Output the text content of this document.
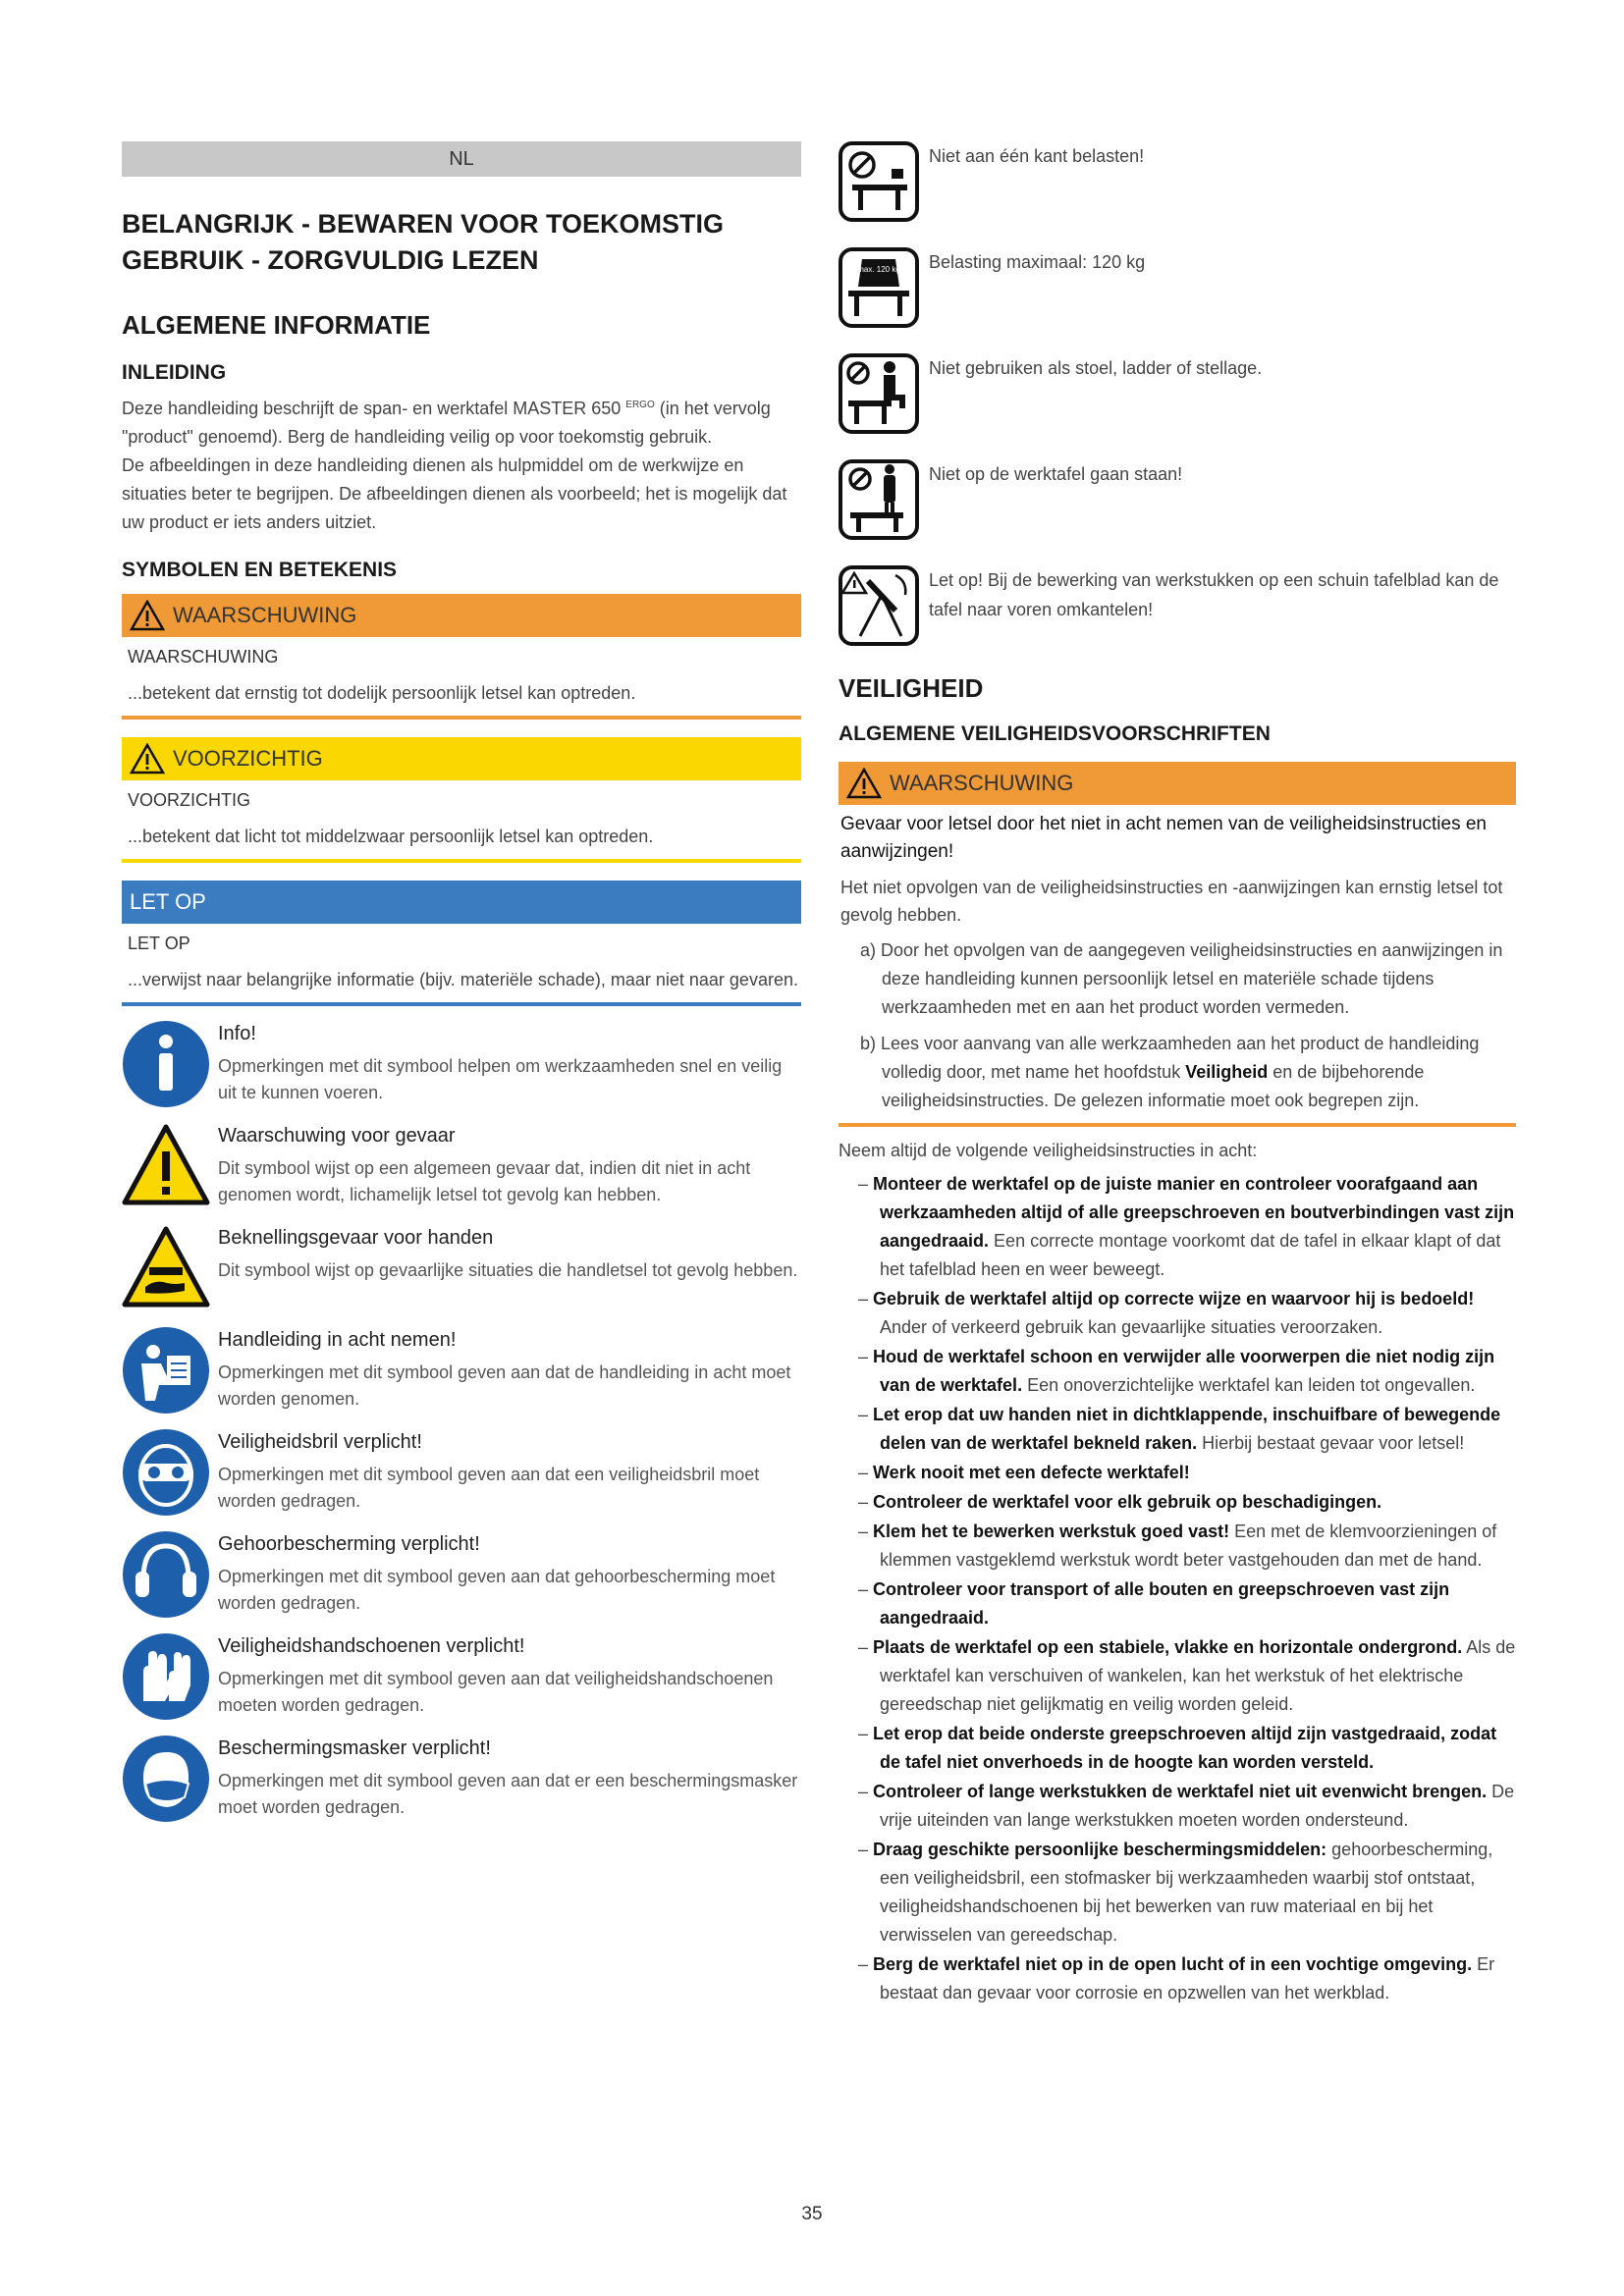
NL
BELANGRIJK - BEWAREN VOOR TOEKOMSTIG GEBRUIK - ZORGVULDIG LEZEN
ALGEMENE INFORMATIE
INLEIDING

Deze handleiding beschrijft de span- en werktafel MASTER 650 $^{ERGO}$ (in het vervolg "product" genoemd). Berg de handleiding veilig op voor toekomstig gebruik.

De afbeeldingen in deze handleiding dienen als hulpmiddel om de werkwijze en situaties beter te begrijpen. De afbeeldingen dienen als voorbeeld; het is mogelijk dat uw product er iets anders uitziet.

SYMBOLEN EN BETEKENIS
WAARSCHUWING
WAARSCHUWING
...betekent dat ernstig tot dodelijk persoonlijk letsel kan optreden.
VOORZICHTIG
VOORZICHTIG
...betekent dat licht tot middelzwaar persoonlijk letsel kan optreden.
LET OP
LET OP
...verwijst naar belangrijke informatie (bijv. materiële schade), maar niet naar gevaren.
Info!
Opmerkingen met dit symbool helpen om werkzaamheden snel en veilig uit te kunnen voeren.
Waarschuwing voor gevaar
Dit symbool wijst op een algemeen gevaar dat, indien dit niet in acht genomen wordt, lichamelijk letsel tot gevolg kan hebben.
Beknellingsgevaar voor handen
Dit symbool wijst op gevaarlijke situaties die handletsel tot gevolg hebben.
Handleiding in acht nemen!
Opmerkingen met dit symbool geven aan dat de handleiding in acht moet worden genomen.
Veiligheidsbril verplicht!
Opmerkingen met dit symbool geven aan dat een veiligheidsbril moet worden gedragen.
Gehoorbescherming verplicht!
Opmerkingen met dit symbool geven aan dat gehoorbescherming moet worden gedragen.
Veiligheidshandschoenen verplicht!
Opmerkingen met dit symbool geven aan dat veiligheidshandschoenen moeten worden gedragen.
Beschermingsmasker verplicht!
Opmerkingen met dit symbool geven aan dat er een beschermingsmasker moet worden gedragen.
Niet aan één kant belasten!
max. 120 kg Belasting maximaal: 120 kg
Niet gebruiken als stoel, ladder of stellage.
Niet op de werktafel gaan staan!
Let op! Bij de bewerking van werkstukken op een schuin tafelblad kan de tafel naar voren omkantelen!
VEILIGHEID
ALGEMENE VEILIGHEIDSVOORSCHRIFTEN
WAARSCHUWING
Gevaar voor letsel door het niet in acht nemen van de veiligheidsinstructies en aanwijzingen!
Het niet opvolgen van de veiligheidsinstructies en -aanwijzingen kan ernstig letsel tot gevolg hebben.
a) Door het opvolgen van de aangegeven veiligheidsinstructies en aanwijzingen in deze handleiding kunnen persoonlijk letsel en materiële schade tijdens werkzaamheden met en aan het product worden vermeden.
b) Lees voor aanvang van alle werkzaamheden aan het product de handleiding volledig door, met name het hoofdstuk Veiligheid en de bijbehorende veiligheidsinstructies. De gelezen informatie moet ook begrepen zijn.
Neem altijd de volgende veiligheidsinstructies in acht:
– Monteer de werktafel op de juiste manier en controleer voorafgaand aan werkzaamheden altijd of alle greepschroeven en boutverbindingen vast zijn aangedraaid. Een correcte montage voorkomt dat de tafel in elkaar klapt of dat het tafelblad heen en weer beweegt.
– Gebruik de werktafel altijd op correcte wijze en waarvoor hij is bedoeld! Ander of verkeerd gebruik kan gevaarlijke situaties veroorzaken.
– Houd de werktafel schoon en verwijder alle voorwerpen die niet nodig zijn van de werktafel. Een onoverzichtelijke werktafel kan leiden tot ongevallen.
– Let erop dat uw handen niet in dichtklappende, inschuifbare of bewegende delen van de werktafel bekneld raken. Hierbij bestaat gevaar voor letsel!
– Werk nooit met een defecte werktafel!
– Controleer de werktafel voor elk gebruik op beschadigingen.
– Klem het te bewerken werkstuk goed vast! Een met de klemvoorzieningen of klemmen vastgeklemd werkstuk wordt beter vastgehouden dan met de hand.
– Controleer voor transport of alle bouten en greepschroeven vast zijn aangedraaid.
– Plaats de werktafel op een stabiele, vlakke en horizontale ondergrond. Als de werktafel kan verschuiven of wankelen, kan het werkstuk of het elektrische gereedschap niet gelijkmatig en veilig worden geleid.
– Let erop dat beide onderste greepschroeven altijd zijn vastgedraaid, zodat de tafel niet onverhoeds in de hoogte kan worden versteld.
– Controleer of lange werkstukken de werktafel niet uit evenwicht brengen. De vrije uiteinden van lange werkstukken moeten worden ondersteund.
– Draag geschikte persoonlijke beschermingsmiddelen: gehoorbescherming, een veiligheidsbril, een stofmasker bij werkzaamheden waarbij stof ontstaat, veiligheidshandschoenen bij het bewerken van ruw materiaal en bij het verwisselen van gereedschap.
– Berg de werktafel niet op in de open lucht of in een vochtige omgeving. Er bestaat dan gevaar voor corrosie en opzwellen van het werkblad.
35
